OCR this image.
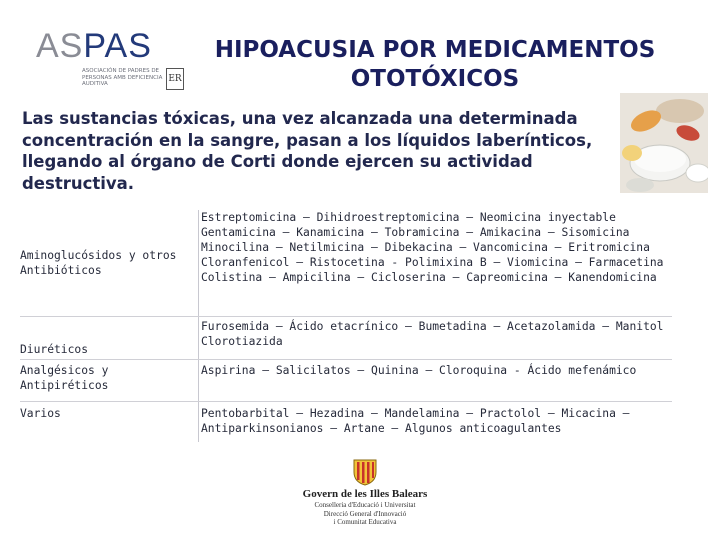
ASPAS
ASOCIACIÓN DE PADRES DE PERSONAS AMB DEFICIENCIA AUDITIVA	ER
HIPOACUSIA POR MEDICAMENTOS OTOTÓXICOS

Las sustancias tóxicas, una vez alcanzada una determinada concentración en la sangre, pasan a los líquidos laberínticos, llegando al órgano de Corti donde ejercen su actividad destructiva.

Aminoglucósidos y otros Antibióticos	Estreptomicina – Dihidroestreptomicina – Neomicina inyectable Gentamicina – Kanamicina – Tobramicina – Amikacina – Sisomicina Minocilina – Netilmicina – Dibekacina – Vancomicina – Eritromicina Cloranfenicol – Ristocetina - Polimixina B – Viomicina – Farmacetina Colistina – Ampicilina – Cicloserina – Capreomicina – Kanendomicina
Diuréticos	Furosemida – Ácido etacrínico – Bumetadina – Acetazolamida – Manitol Clorotiazida
Analgésicos y Antipiréticos	Aspirina – Salicilatos – Quinina – Cloroquina - Ácido mefenámico
Varios	Pentobarbital – Hezadina – Mandelamina – Practolol – Micacina – Antiparkinsonianos – Artane – Algunos anticoagulantes
Govern de les Illes Balears
Conselleria d'Educació i Universitat
Direcció General d'Innovació
i Comunitat Educativa
